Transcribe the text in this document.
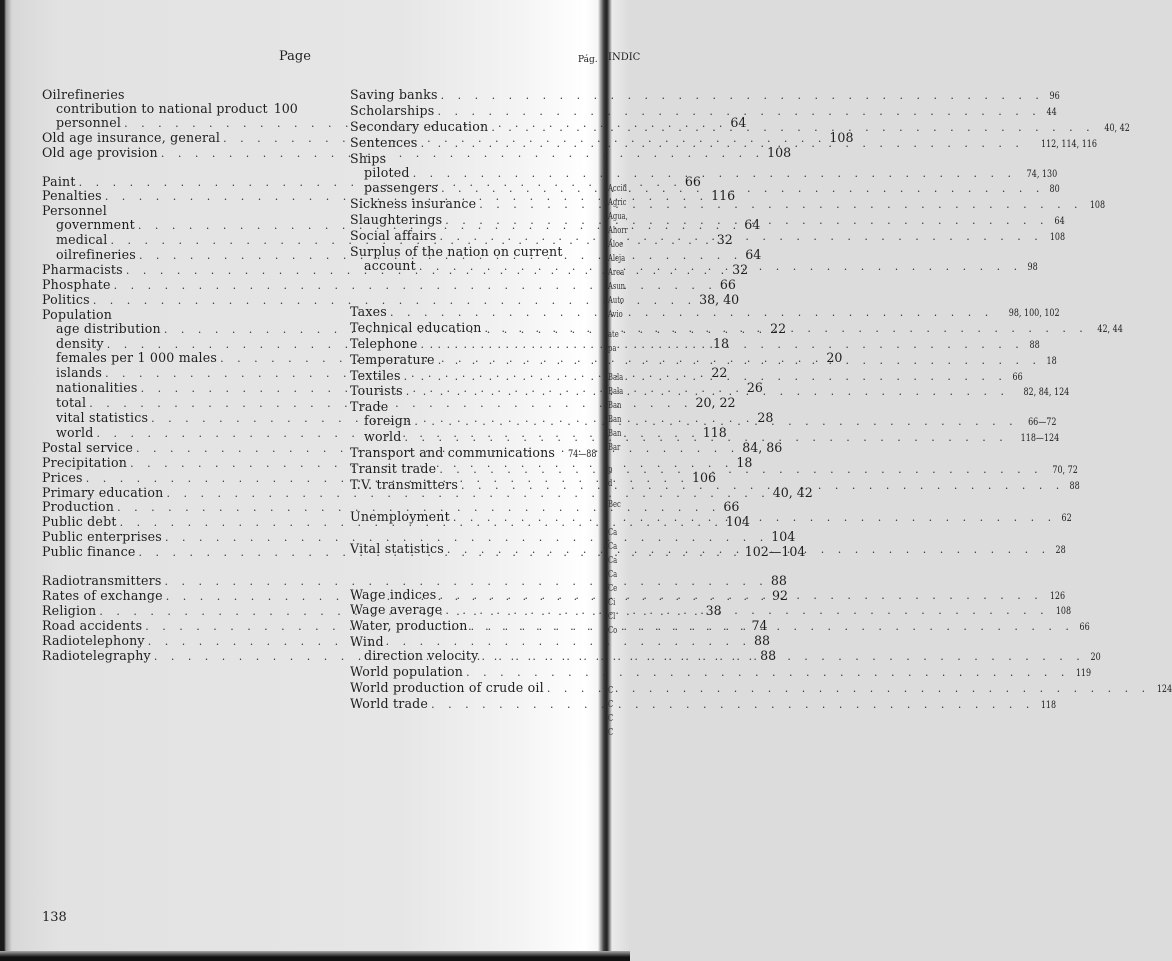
Page	Pág. INDIC
Oilrefineries
contribution to national product 100
personnel . . .	64
Old age insurance, general . . .	108
Old age provision . . .	108
Paint . . .	66
Penalties . . .	116
Personnel
government . . .	64
medical . . .	32
oilrefineries . . .	64
Pharmacists . . .	32
Phosphate . . .	66
Politics . . .	38, 40
Population
age distribution . . .	22
density . . .	18
females per 1 000 males . . .	20
islands . . .	22
nationalities . . .	26
total . . .	20, 22
vital statistics . . .	28
world . . .	118
Postal service . . .	84, 86
Precipitation . . .	18
Prices . . .	106
Primary education . . .	40, 42
Production . . .	66
Public debt . . .	104
Public enterprises . . .	104
Public finance . . .	102—104
Radiotransmitters . . .	88
Rates of exchange . . .	92
Religion . . .	38
Road accidents . . .	74
Radiotelephony . . .	88
Radiotelegraphy . . .	88
Saving banks . . .	96
Scholarships . . .	44
Secondary education . . .	40, 42
Sentences . . .	112, 114, 116
Ships
piloted . . .	74, 130
passengers . . .	80
Sickness insurance . . .	108
Slaughterings . . .	64
Social affairs . . .	108
Surplus of the nation on current
account . . .	98
Taxes . . .	98, 100, 102
Technical education . . .	42, 44
Telephone . . .	88
Temperature . . .	18
Textiles . . .	66
Tourists . . .	82, 84, 124
Trade
foreign . . .	66—72
world . . .	118—124
Transport and communications 74—88
Transit trade . . .	70, 72
T.V. transmitters . . .	88
Unemployment . . .	62
Vital statistics . . .	28
Wage indices . . .	126
Wage average . . .	108
Water, production . . .	66
Wind
direction velocity . . .	20
World population . . .	119
World production of crude oil . . .	124
World trade . . .	118
Accid
Agric
Agua,
Ahorr
Aloe
Aleja
Area
Asun
Auto
Avio
ate
pa
Bala
Bala
Ban
Ban
Ban
Bar
p
d
Bec
Ca
Ca
Ca
Ca
Ce
Ci
Cl
Co
C
C
C
C
138
